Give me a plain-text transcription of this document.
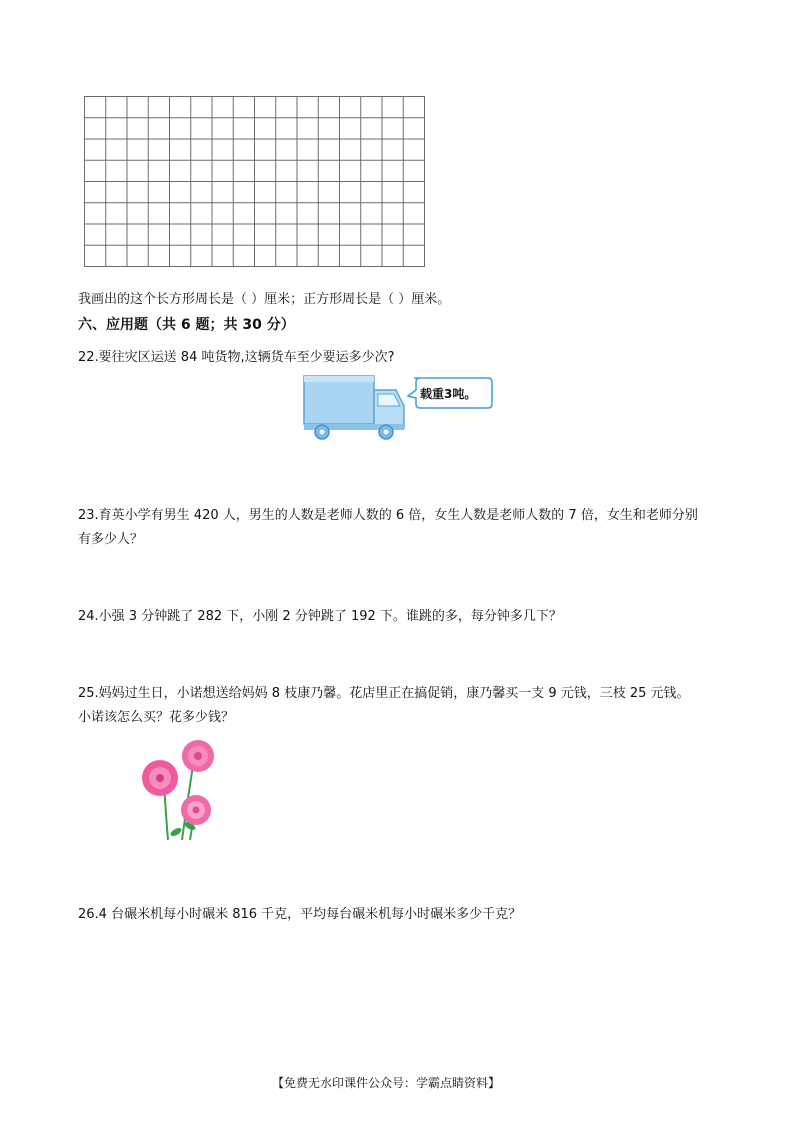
我画出的这个长方形周长是（ ）厘米；正方形周长是（ ）厘米。
六、应用题（共 6 题；共 30 分）
22.要往灾区运送 84 吨货物,这辆货车至少要运多少次?
载重3吨。
23.育英小学有男生 420 人，男生的人数是老师人数的 6 倍，女生人数是老师人数的 7 倍，女生和老师分别
有多少人？
24.小强 3 分钟跳了 282 下，小刚 2 分钟跳了 192 下。谁跳的多，每分钟多几下？
25.妈妈过生日，小诺想送给妈妈 8 枝康乃馨。花店里正在搞促销，康乃馨买一支 9 元钱，三枝 25 元钱。
小诺该怎么买？花多少钱？
26.4 台碾米机每小时碾米 816 千克，平均每台碾米机每小时碾米多少千克？
【免费无水印课件公众号：学霸点睛资料】
